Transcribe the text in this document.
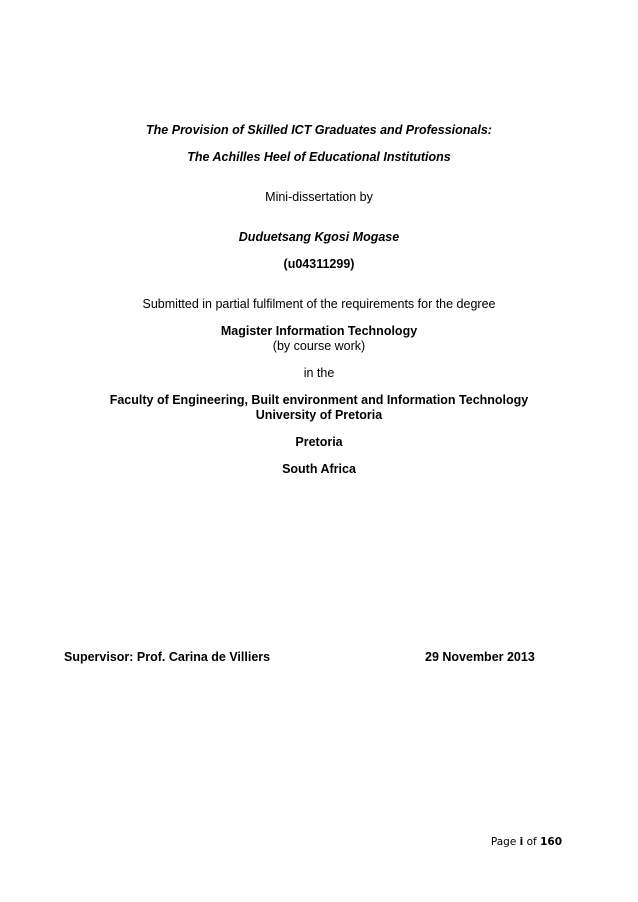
The Provision of Skilled ICT Graduates and Professionals:
The Achilles Heel of Educational Institutions
Mini-dissertation by
Duduetsang Kgosi Mogase
(u04311299)
Submitted in partial fulfilment of the requirements for the degree
Magister Information Technology
(by course work)
in the
Faculty of Engineering, Built environment and Information Technology
University of Pretoria
Pretoria
South Africa
Supervisor: Prof. Carina de Villiers	29 November 2013
Page i of 160
